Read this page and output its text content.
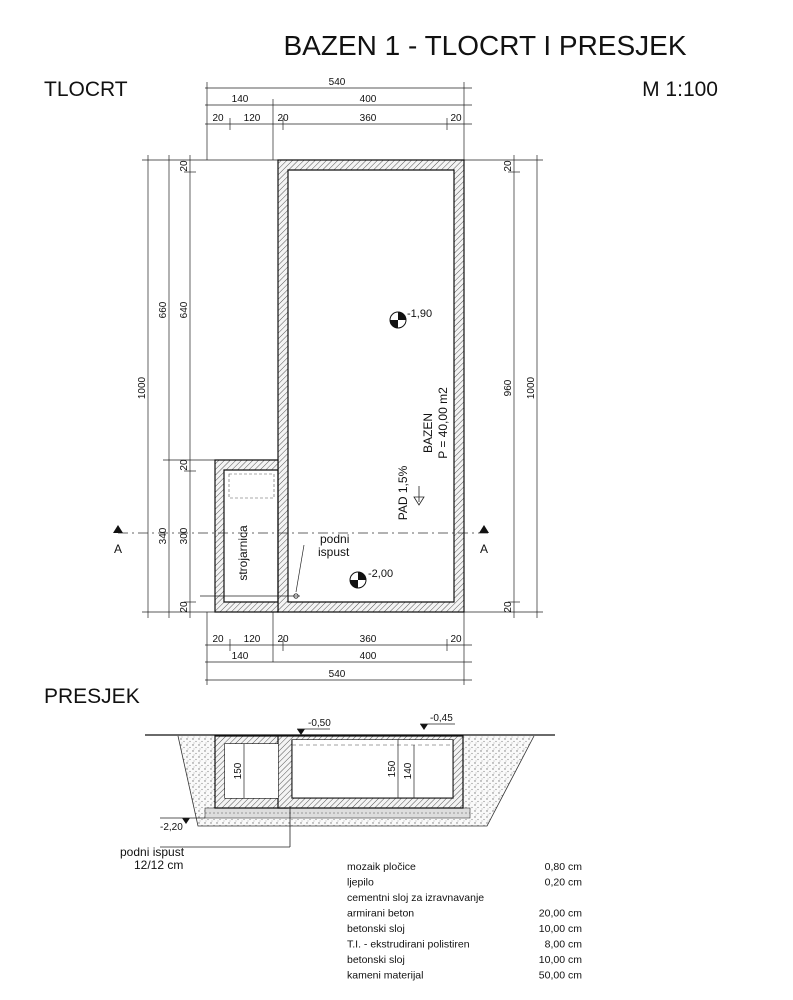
BAZEN 1 - TLOCRT I PRESJEK
TLOCRT	M 1:100
540
140	400
20 120 20	360	20
1000
660
340
20
640
20
300
20
20
960
20
1000
A	A
-1,90
-2,00
BAZEN P = 40,00 m2
PAD 1,5%
strojarnica	podni
ispust
20 120 20	360	20
140	400
540
PRESJEK
150	150 140
-0,50	-0,45
-2,20
podni ispust
12/12 cm	mozaik pločice	0,80 cm
ljepilo	0,20 cm
cementni sloj za izravnavanje
armirani beton	20,00 cm
betonski sloj	10,00 cm
T.I. - ekstrudirani polistiren	8,00 cm
betonski sloj	10,00 cm
kameni materijal	50,00 cm
